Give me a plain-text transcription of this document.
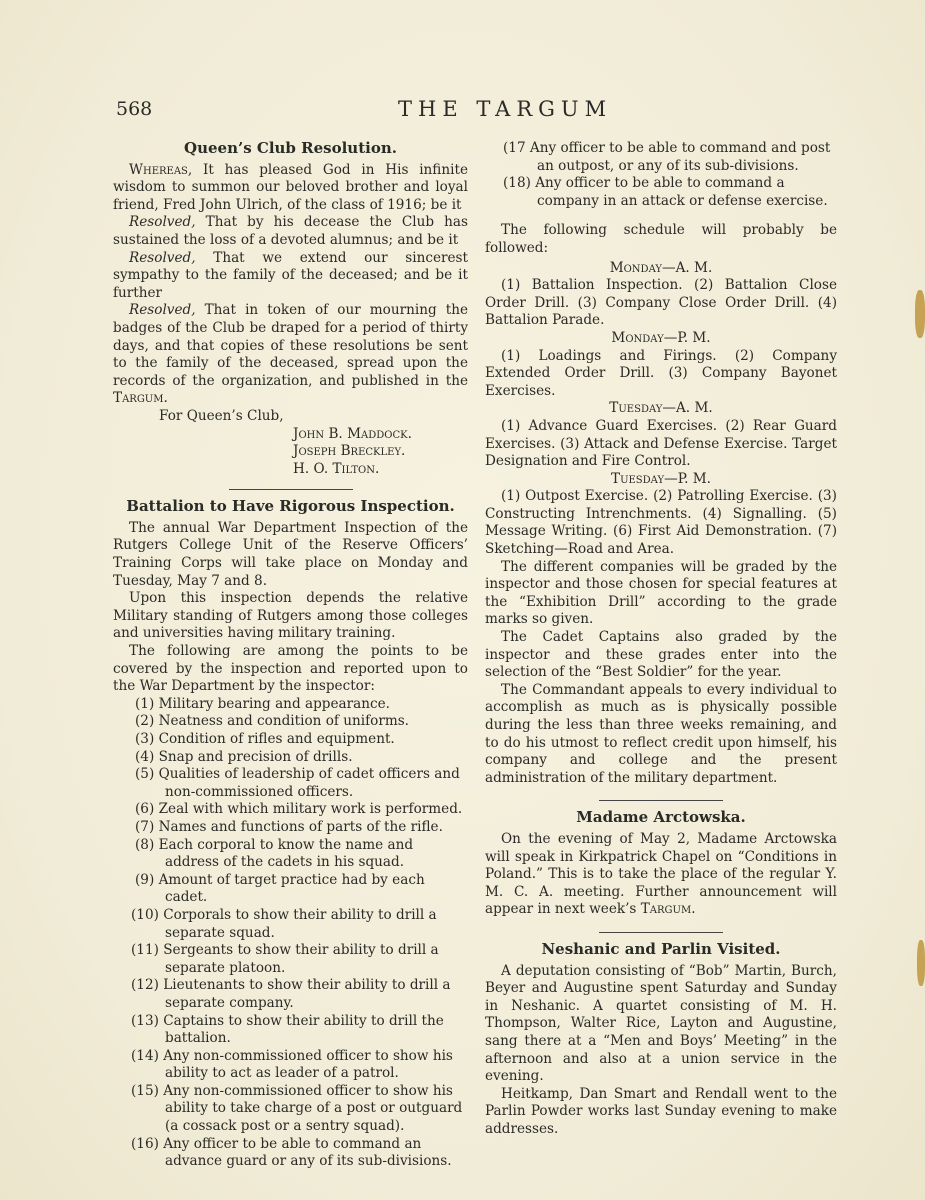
568	THE TARGUM
Queen’s Club Resolution.

Whereas, It has pleased God in His infinite wisdom to summon our beloved brother and loyal friend, Fred John Ulrich, of the class of 1916; be it

Resolved, That by his decease the Club has sustained the loss of a devoted alumnus; and be it

Resolved, That we extend our sincerest sympathy to the family of the deceased; and be it further

Resolved, That in token of our mourning the badges of the Club be draped for a period of thirty days, and that copies of these resolutions be sent to the family of the deceased, spread upon the records of the organization, and published in the Targum.

For Queen’s Club,

John B. Maddock.

Joseph Breckley.

H. O. Tilton.

Battalion to Have Rigorous Inspection.

The annual War Department Inspection of the Rutgers College Unit of the Reserve Officers’ Training Corps will take place on Monday and Tuesday, May 7 and 8.

Upon this inspection depends the relative Military standing of Rutgers among those colleges and universities having military training.

The following are among the points to be covered by the inspection and reported upon to the War Department by the inspector:

(1) Military bearing and appearance.

(2) Neatness and condition of uniforms.

(3) Condition of rifles and equipment.

(4) Snap and precision of drills.

(5) Qualities of leadership of cadet officers and non-commissioned officers.

(6) Zeal with which military work is performed.

(7) Names and functions of parts of the rifle.

(8) Each corporal to know the name and address of the cadets in his squad.

(9) Amount of target practice had by each cadet.

(10) Corporals to show their ability to drill a separate squad.

(11) Sergeants to show their ability to drill a separate platoon.

(12) Lieutenants to show their ability to drill a separate company.

(13) Captains to show their ability to drill the battalion.

(14) Any non-commissioned officer to show his ability to act as leader of a patrol.

(15) Any non-commissioned officer to show his ability to take charge of a post or outguard (a cossack post or a sentry squad).

(16) Any officer to be able to command an advance guard or any of its sub-divisions.

(17 Any officer to be able to command and post an outpost, or any of its sub-divisions.

(18) Any officer to be able to command a company in an attack or defense exercise.

The following schedule will probably be followed:

Monday—A. M.

(1) Battalion Inspection. (2) Battalion Close Order Drill. (3) Company Close Order Drill. (4) Battalion Parade.

Monday—P. M.

(1) Loadings and Firings. (2) Company Extended Order Drill. (3) Company Bayonet Exercises.

Tuesday—A. M.

(1) Advance Guard Exercises. (2) Rear Guard Exercises. (3) Attack and Defense Exercise. Target Designation and Fire Control.

Tuesday—P. M.

(1) Outpost Exercise. (2) Patrolling Exercise. (3) Constructing Intrenchments. (4) Signalling. (5) Message Writing. (6) First Aid Demonstration. (7) Sketching—Road and Area.

The different companies will be graded by the inspector and those chosen for special features at the “Exhibition Drill” according to the grade marks so given.

The Cadet Captains also graded by the inspector and these grades enter into the selection of the “Best Soldier” for the year.

The Commandant appeals to every individual to accomplish as much as is physically possible during the less than three weeks remaining, and to do his utmost to reflect credit upon himself, his company and college and the present administration of the military department.

Madame Arctowska.

On the evening of May 2, Madame Arctowska will speak in Kirkpatrick Chapel on “Conditions in Poland.” This is to take the place of the regular Y. M. C. A. meeting. Further announcement will appear in next week’s Targum.

Neshanic and Parlin Visited.

A deputation consisting of “Bob” Martin, Burch, Beyer and Augustine spent Saturday and Sunday in Neshanic. A quartet consisting of M. H. Thompson, Walter Rice, Layton and Augustine, sang there at a “Men and Boys’ Meeting” in the afternoon and also at a union service in the evening.

Heitkamp, Dan Smart and Rendall went to the Parlin Powder works last Sunday evening to make addresses.
